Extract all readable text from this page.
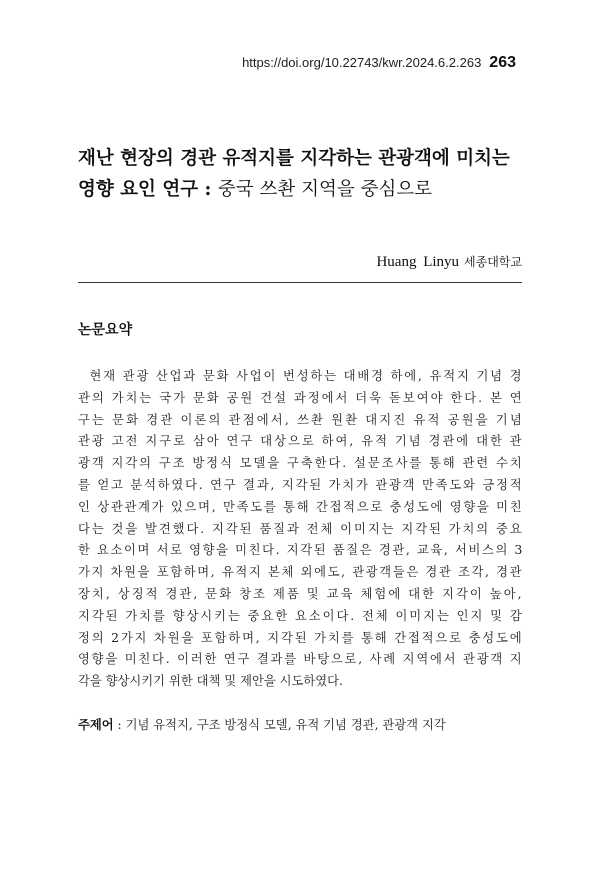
https://doi.org/10.22743/kwr.2024.6.2.263 263
재난 현장의 경관 유적지를 지각하는 관광객에 미치는
영향 요인 연구 : 중국 쓰촨 지역을 중심으로
Huang Linyu 세종대학교
논문요약
현재 관광 산업과 문화 사업이 번성하는 대배경 하에, 유적지 기념 경
관의 가치는 국가 문화 공원 건설 과정에서 더욱 돋보여야 한다. 본 연
구는 문화 경관 이론의 관점에서, 쓰촨 원촨 대지진 유적 공원을 기념
관광 고전 지구로 삼아 연구 대상으로 하여, 유적 기념 경관에 대한 관
광객 지각의 구조 방정식 모델을 구축한다. 설문조사를 통해 관련 수치
를 얻고 분석하였다. 연구 결과, 지각된 가치가 관광객 만족도와 긍정적
인 상관관계가 있으며, 만족도를 통해 간접적으로 충성도에 영향을 미친
다는 것을 발견했다. 지각된 품질과 전체 이미지는 지각된 가치의 중요
한 요소이며 서로 영향을 미친다. 지각된 품질은 경관, 교육, 서비스의 3
가지 차원을 포함하며, 유적지 본체 외에도, 관광객들은 경관 조각, 경관
장치, 상징적 경관, 문화 창조 제품 및 교육 체험에 대한 지각이 높아,
지각된 가치를 향상시키는 중요한 요소이다. 전체 이미지는 인지 및 감
정의 2가지 차원을 포함하며, 지각된 가치를 통해 간접적으로 충성도에
영향을 미친다. 이러한 연구 결과를 바탕으로, 사례 지역에서 관광객 지
각을 향상시키기 위한 대책 및 제안을 시도하였다.
주제어 : 기념 유적지, 구조 방정식 모델, 유적 기념 경관, 관광객 지각
